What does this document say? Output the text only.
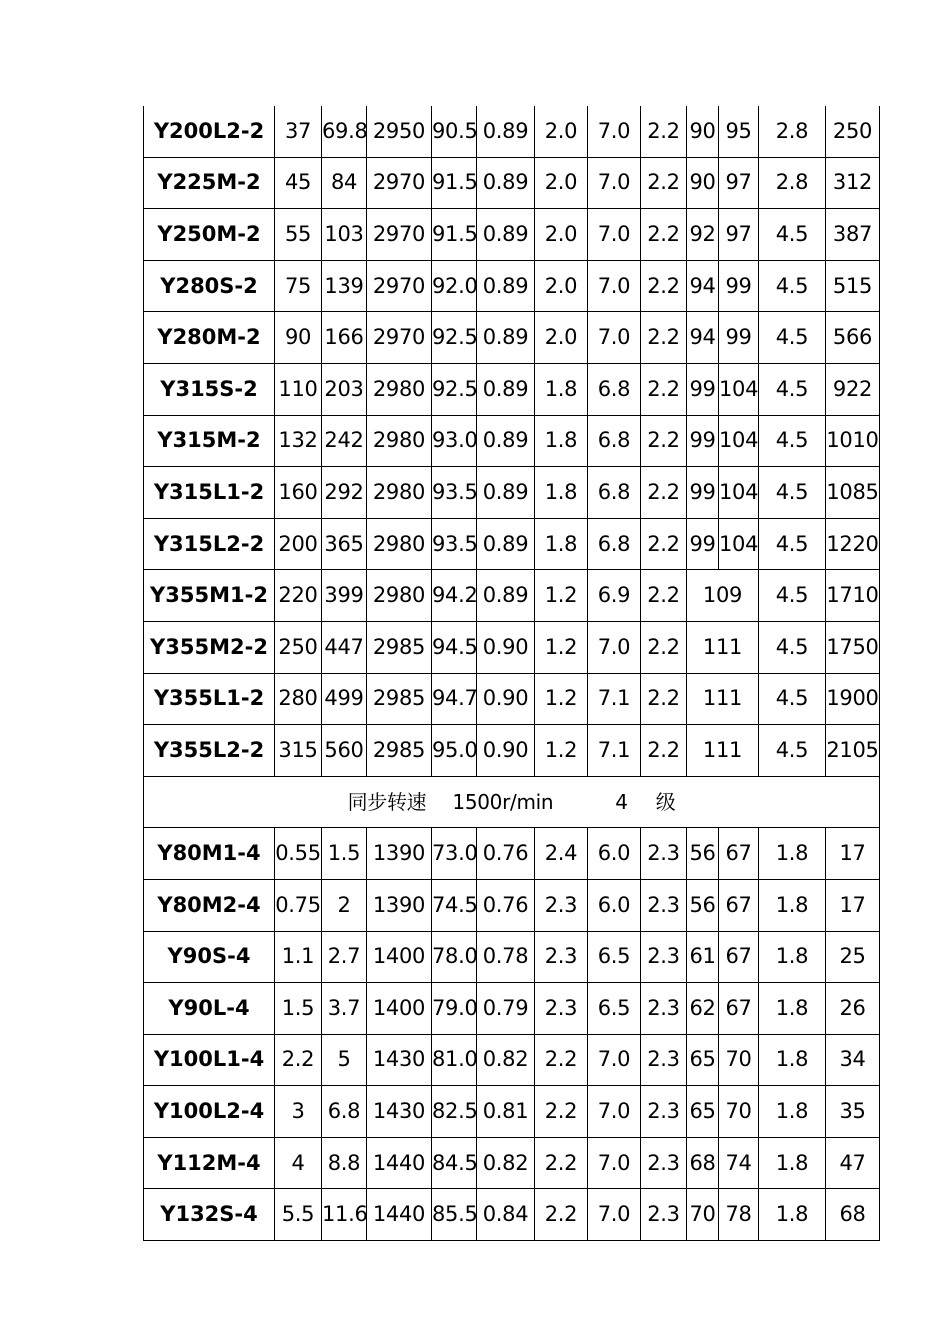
Y200L2-2	37	69.8	2950	90.5	0.89	2.0	7.0	2.2	90	95	2.8	250
Y225M-2	45	84	2970	91.5	0.89	2.0	7.0	2.2	90	97	2.8	312
Y250M-2	55	103	2970	91.5	0.89	2.0	7.0	2.2	92	97	4.5	387
Y280S-2	75	139	2970	92.0	0.89	2.0	7.0	2.2	94	99	4.5	515
Y280M-2	90	166	2970	92.5	0.89	2.0	7.0	2.2	94	99	4.5	566
Y315S-2	110	203	2980	92.5	0.89	1.8	6.8	2.2	99	104	4.5	922
Y315M-2	132	242	2980	93.0	0.89	1.8	6.8	2.2	99	104	4.5	1010
Y315L1-2	160	292	2980	93.5	0.89	1.8	6.8	2.2	99	104	4.5	1085
Y315L2-2	200	365	2980	93.5	0.89	1.8	6.8	2.2	99	104	4.5	1220
Y355M1-2	220	399	2980	94.2	0.89	1.2	6.9	2.2	109		4.5	1710
Y355M2-2	250	447	2985	94.5	0.90	1.2	7.0	2.2	111		4.5	1750
Y355L1-2	280	499	2985	94.7	0.90	1.2	7.1	2.2	111		4.5	1900
Y355L2-2	315	560	2985	95.0	0.90	1.2	7.1	2.2	111		4.5	2105
同步转速 1500r/min 4 级												
Y80M1-4	0.55	1.5	1390	73.0	0.76	2.4	6.0	2.3	56	67	1.8	17
Y80M2-4	0.75	2	1390	74.5	0.76	2.3	6.0	2.3	56	67	1.8	17
Y90S-4	1.1	2.7	1400	78.0	0.78	2.3	6.5	2.3	61	67	1.8	25
Y90L-4	1.5	3.7	1400	79.0	0.79	2.3	6.5	2.3	62	67	1.8	26
Y100L1-4	2.2	5	1430	81.0	0.82	2.2	7.0	2.3	65	70	1.8	34
Y100L2-4	3	6.8	1430	82.5	0.81	2.2	7.0	2.3	65	70	1.8	35
Y112M-4	4	8.8	1440	84.5	0.82	2.2	7.0	2.3	68	74	1.8	47
Y132S-4	5.5	11.6	1440	85.5	0.84	2.2	7.0	2.3	70	78	1.8	68
